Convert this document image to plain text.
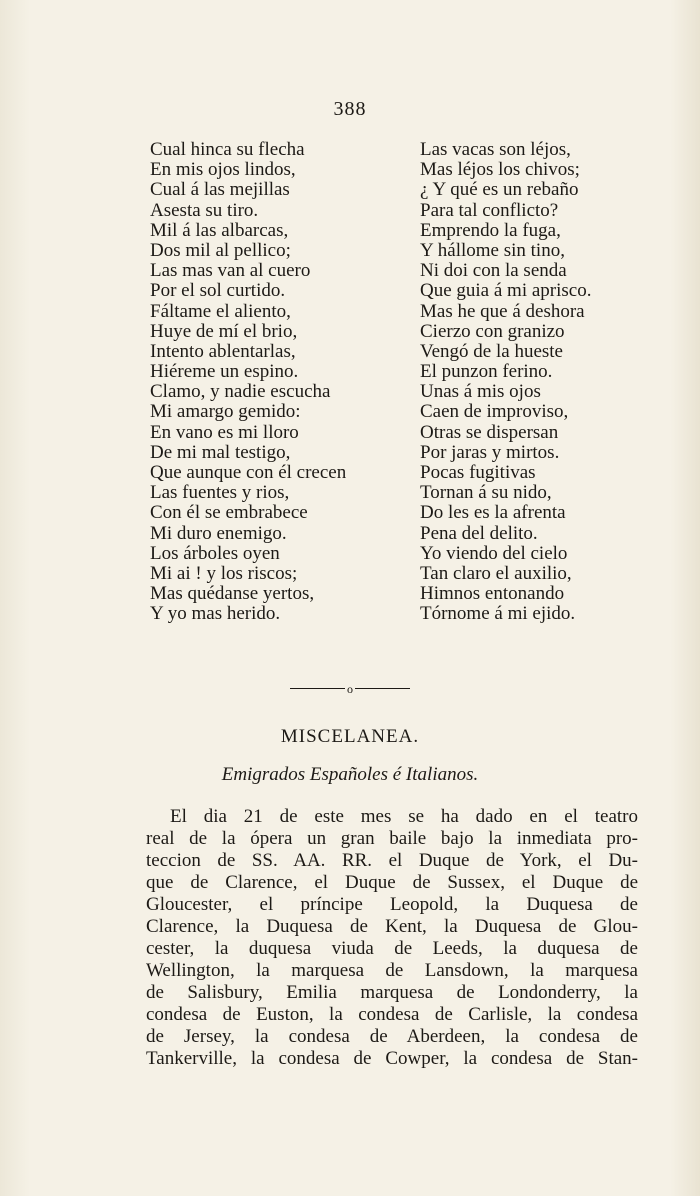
388
Cual hinca su flecha
En mis ojos lindos,
Cual á las mejillas
Asesta su tiro.
Mil á las albarcas,
Dos mil al pellico;
Las mas van al cuero
Por el sol curtido.
Fáltame el aliento,
Huye de mí el brio,
Intento ablentarlas,
Hiéreme un espino.
Clamo, y nadie escucha
Mi amargo gemido:
En vano es mi lloro
De mi mal testigo,
Que aunque con él crecen
Las fuentes y rios,
Con él se embrabece
Mi duro enemigo.
Los árboles oyen
Mi ai ! y los riscos;
Mas quédanse yertos,
Y yo mas herido.
Las vacas son léjos,
Mas léjos los chivos;
¿ Y qué es un rebaño
Para tal conflicto?
Emprendo la fuga,
Y hállome sin tino,
Ni doi con la senda
Que guia á mi aprisco.
Mas he que á deshora
Cierzo con granizo
Vengó de la hueste
El punzon ferino.
Unas á mis ojos
Caen de improviso,
Otras se dispersan
Por jaras y mirtos.
Pocas fugitivas
Tornan á su nido,
Do les es la afrenta
Pena del delito.
Yo viendo del cielo
Tan claro el auxilio,
Himnos entonando
Tórnome á mi ejido.
o
MISCELANEA.
Emigrados Españoles é Italianos.
El dia 21 de este mes se ha dado en el teatro
real de la ópera un gran baile bajo la inmediata pro-
teccion de SS. AA. RR. el Duque de York, el Du-
que de Clarence, el Duque de Sussex, el Duque de
Gloucester, el príncipe Leopold, la Duquesa de
Clarence, la Duquesa de Kent, la Duquesa de Glou-
cester, la duquesa viuda de Leeds, la duquesa de
Wellington, la marquesa de Lansdown, la marquesa
de Salisbury, Emilia marquesa de Londonderry, la
condesa de Euston, la condesa de Carlisle, la condesa
de Jersey, la condesa de Aberdeen, la condesa de
Tankerville, la condesa de Cowper, la condesa de Stan-
